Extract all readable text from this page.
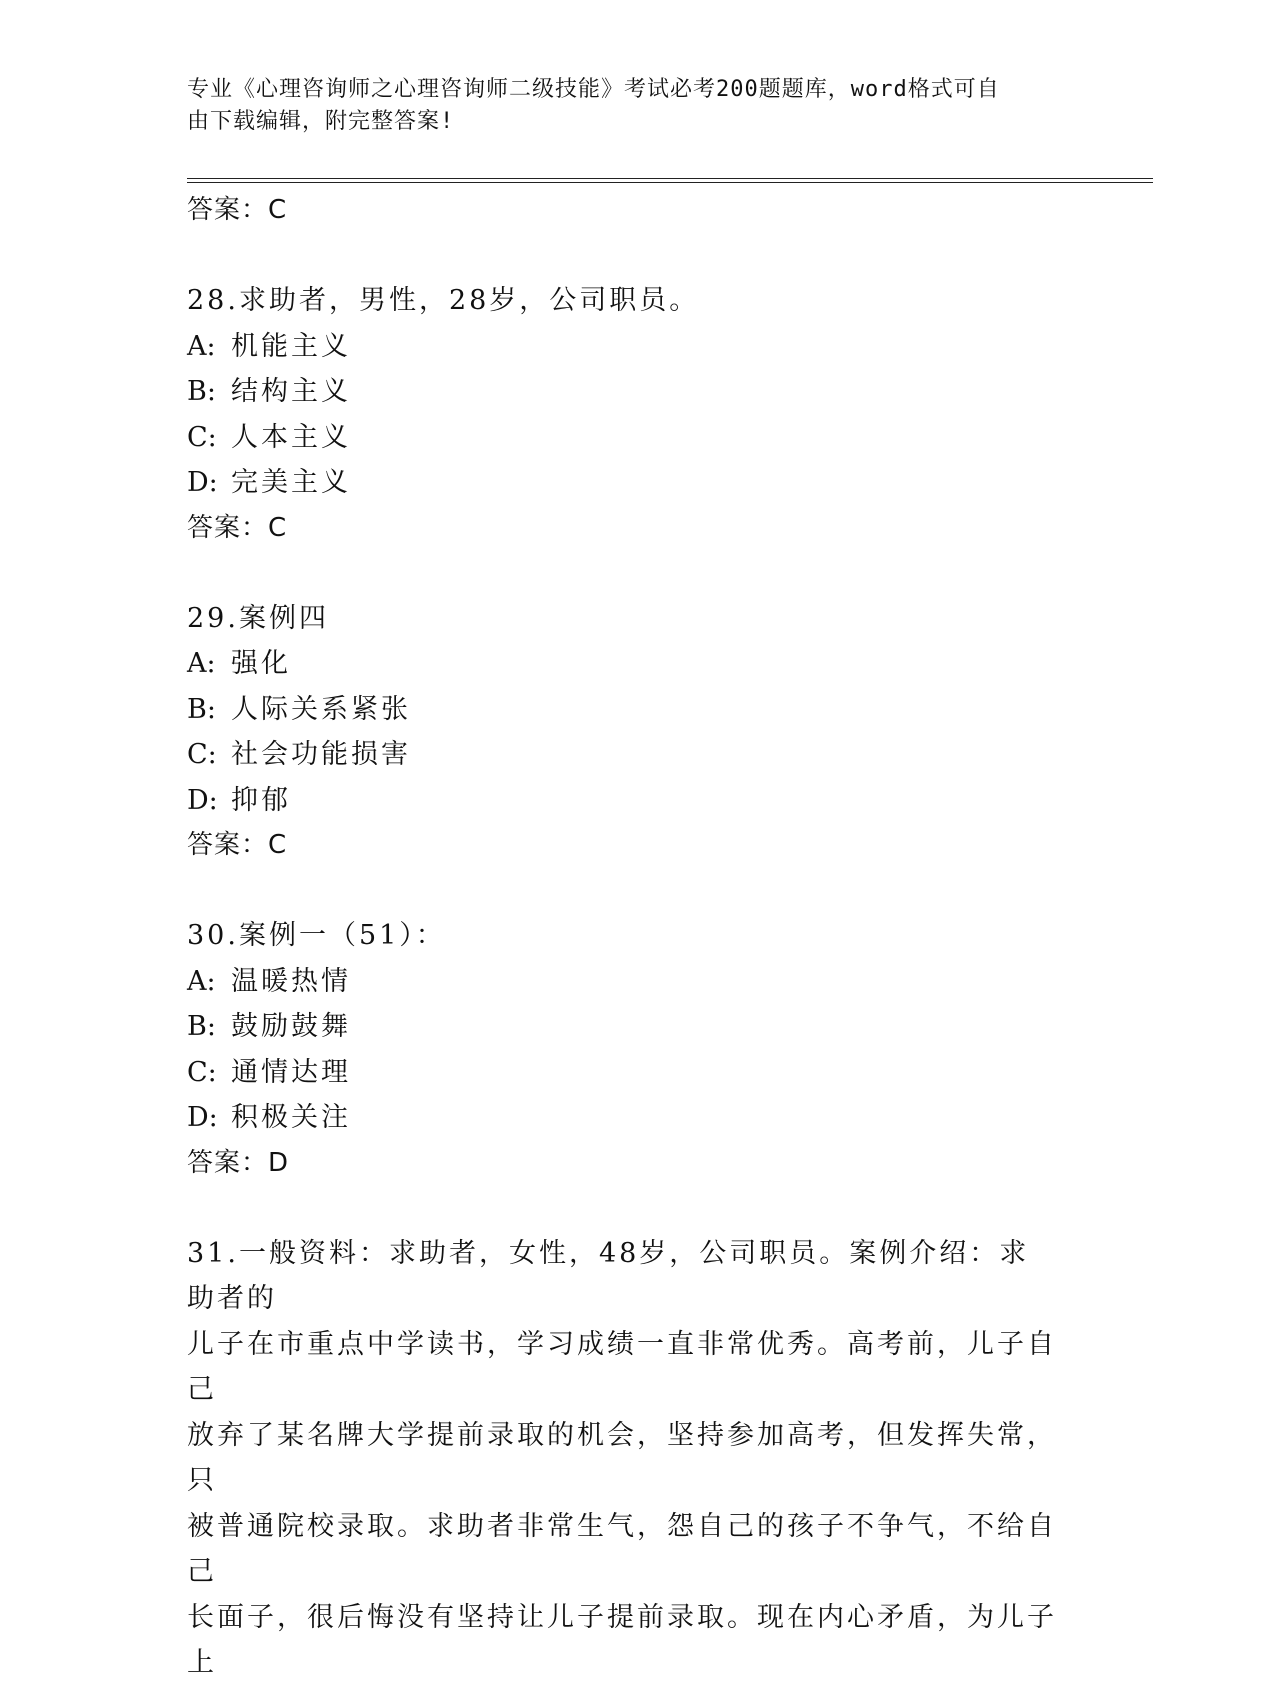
专业《心理咨询师之心理咨询师二级技能》考试必考200题题库，word格式可自
由下载编辑，附完整答案!
答案：C
28.求助者，男性，28岁，公司职员。
A: 机能主义
B: 结构主义
C: 人本主义
D: 完美主义
答案：C
29.案例四
A: 强化
B: 人际关系紧张
C: 社会功能损害
D: 抑郁
答案：C
30.案例一（51）：
A: 温暖热情
B: 鼓励鼓舞
C: 通情达理
D: 积极关注
答案：D
31.一般资料：求助者，女性，48岁，公司职员。案例介绍：求助者的
儿子在市重点中学读书，学习成绩一直非常优秀。高考前，儿子自己
放弃了某名牌大学提前录取的机会，坚持参加高考，但发挥失常，只
被普通院校录取。求助者非常生气，怨自己的孩子不争气，不给自己
长面子，很后悔没有坚持让儿子提前录取。现在内心矛盾，为儿子上
